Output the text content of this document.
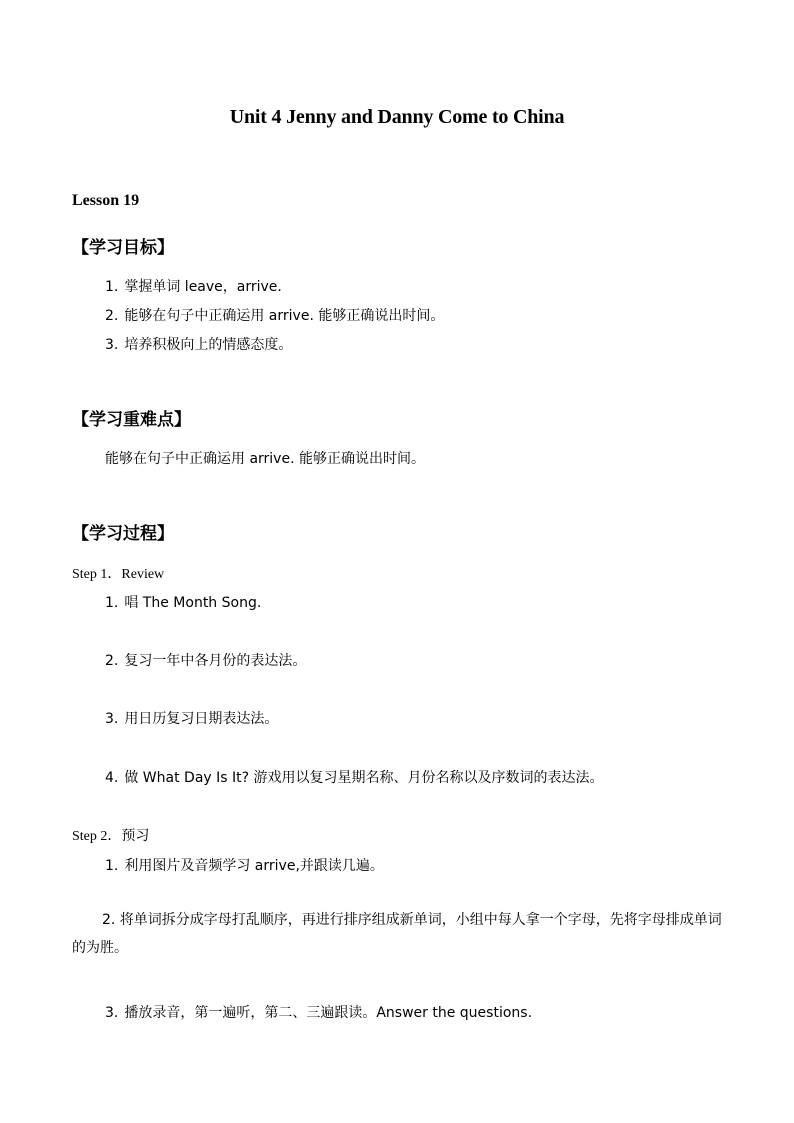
Unit 4 Jenny and Danny Come to China
Lesson 19
【学习目标】
1. 掌握单词 leave，arrive.
2. 能够在句子中正确运用 arrive. 能够正确说出时间。
3. 培养积极向上的情感态度。
【学习重难点】
能够在句子中正确运用 arrive. 能够正确说出时间。
【学习过程】
Step 1．Review
1. 唱 The Month Song.
2. 复习一年中各月份的表达法。
3. 用日历复习日期表达法。
4. 做 What Day Is It? 游戏用以复习星期名称、月份名称以及序数词的表达法。
Step 2．预习
1. 利用图片及音频学习 arrive,并跟读几遍。
2. 将单词拆分成字母打乱顺序，再进行排序组成新单词，小组中每人拿一个字母，先将字母排成单词的为胜。
3. 播放录音，第一遍听，第二、三遍跟读。Answer the questions.
